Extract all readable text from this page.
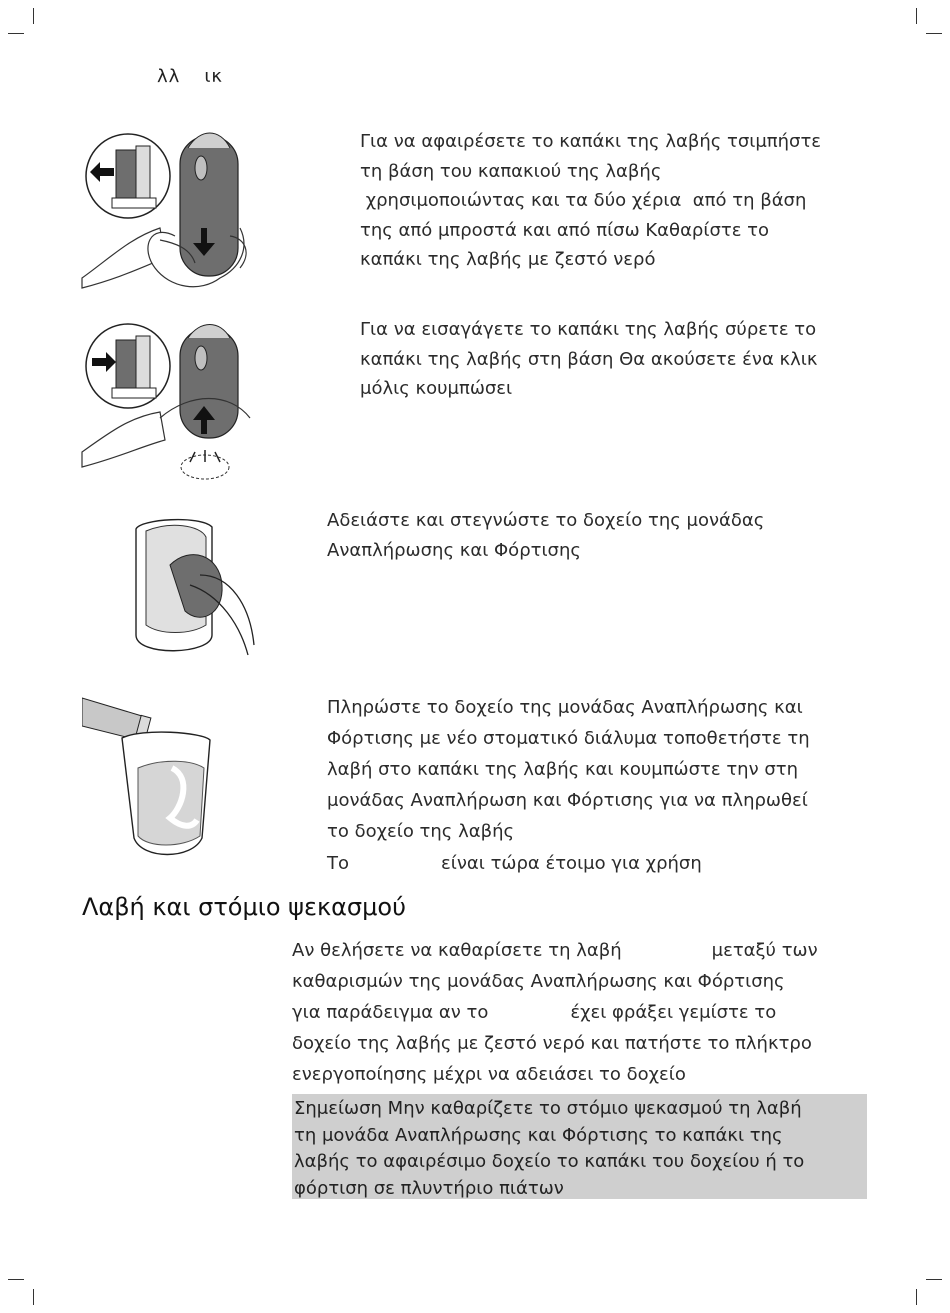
λλ ικ
Για να αφαιρέσετε το καπάκι της λαβής τσιμπήστε
τη βάση του καπακιού της λαβής
χρησιμοποιώντας και τα δύο χέρια  από τη βάση
της από μπροστά και από πίσω Καθαρίστε το
καπάκι της λαβής με ζεστό νερό
Για να εισαγάγετε το καπάκι της λαβής σύρετε το
καπάκι της λαβής στη βάση Θα ακούσετε ένα κλικ
μόλις κουμπώσει
Αδειάστε και στεγνώστε το δοχείο της μονάδας
Αναπλήρωσης και Φόρτισης
Πληρώστε το δοχείο της μονάδας Αναπλήρωσης και
Φόρτισης με νέο στοματικό διάλυμα τοποθετήστε τη
λαβή στο καπάκι της λαβής και κουμπώστε την στη
μονάδας Αναπλήρωση και Φόρτισης για να πληρωθεί
το δοχείο της λαβής
Το	είναι τώρα έτοιμο για χρήση
Λαβή και στόμιο ψεκασμού
Αν θελήσετε να καθαρίσετε τη λαβή	μεταξύ των
καθαρισμών της μονάδας Αναπλήρωσης και Φόρτισης
για παράδειγμα αν το	έχει φράξει γεμίστε το
δοχείο της λαβής με ζεστό νερό και πατήστε το πλήκτρο
ενεργοποίησης μέχρι να αδειάσει το δοχείο
Σημείωση Μην καθαρίζετε το στόμιο ψεκασμού τη λαβή
τη μονάδα Αναπλήρωσης και Φόρτισης το καπάκι της
λαβής το αφαιρέσιμο δοχείο το καπάκι του δοχείου ή το
φόρτιση σε πλυντήριο πιάτων
